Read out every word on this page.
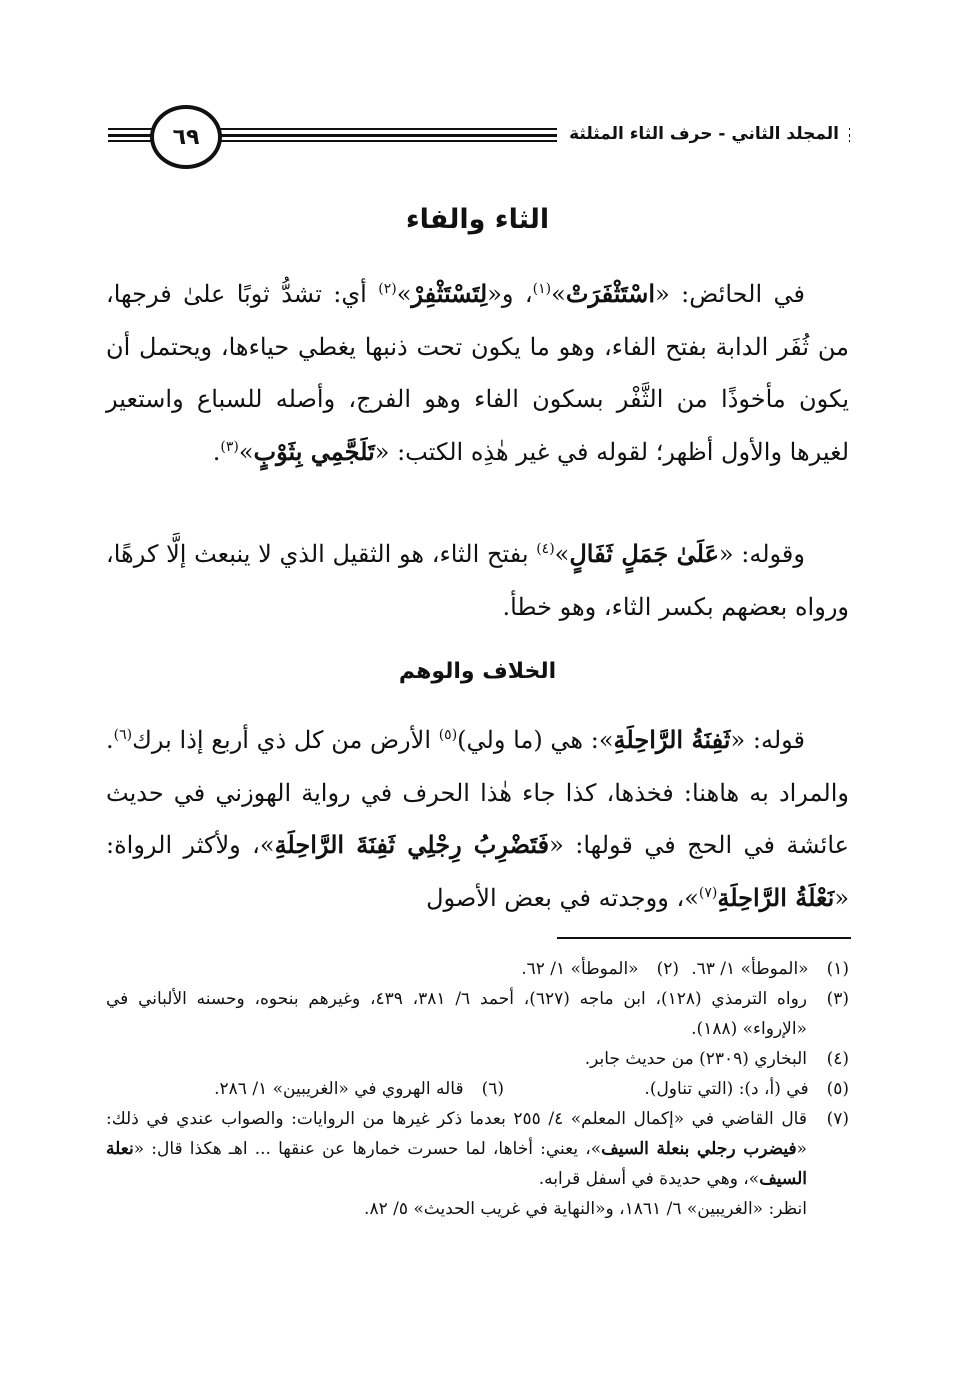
المجلد الثاني - حرف الثاء المثلثة
٦٩
الثاء والفاء

في الحائض: «اسْتَثْفَرَتْ»$^{(١)}$، و«لِتَسْتَثْفِرْ»$^{(٢)}$ أي: تشدُّ ثوبًا علىٰ فرجها، من ثُفَر الدابة بفتح الفاء، وهو ما يكون تحت ذنبها يغطي حياءها، ويحتمل أن يكون مأخوذًا من الثَّفْر بسكون الفاء وهو الفرج، وأصله للسباع واستعير لغيرها والأول أظهر؛ لقوله في غير هٰذِه الكتب: «تَلَجَّمِي بِثَوْبٍ»$^{(٣)}$.

وقوله: «عَلَىٰ جَمَلٍ ثَفَالٍ»$^{(٤)}$ بفتح الثاء، هو الثقيل الذي لا ينبعث إلَّا كرهًا، ورواه بعضهم بكسر الثاء، وهو خطأ.

الخلاف والوهم

قوله: «ثَفِنَةُ الرَّاحِلَةِ»: هي (ما ولي)$^{(٥)}$ الأرض من كل ذي أربع إذا برك$^{(٦)}$. والمراد به هاهنا: فخذها، كذا جاء هٰذا الحرف في رواية الهوزني في حديث عائشة في الحج في قولها: «فَتَضْرِبُ رِجْلِي ثَفِنَةَ الرَّاحِلَةِ»، ولأكثر الرواة: «نَعْلَةُ الرَّاحِلَةِ$^{(٧)}$»، ووجدته في بعض الأصول

(١)«الموطأ» ١/ ٦٣.
(٢)«الموطأ» ١/ ٦٢.
(٣)
رواه الترمذي (١٢٨)، ابن ماجه (٦٢٧)، أحمد ٦/ ٣٨١، ٤٣٩، وغيرهم بنحوه، وحسنه الألباني في «الإرواء» (١٨٨).
(٤)
البخاري (٢٣٠٩) من حديث جابر.
(٥)في (أ، د): (التي تناول).
(٦)قاله الهروي في «الغريبين» ١/ ٢٨٦.
(٧)
قال القاضي في «إكمال المعلم» ٤/ ٢٥٥ بعدما ذكر غيرها من الروايات: والصواب عندي في ذلك: «فيضرب رجلي بنعلة السيف»، يعني: أخاها، لما حسرت خمارها عن عنقها ... اهـ هكذا قال: «نعلة السيف»، وهي حديدة في أسفل قرابه.
انظر: «الغريبين» ٦/ ١٨٦١، و«النهاية في غريب الحديث» ٥/ ٨٢.
